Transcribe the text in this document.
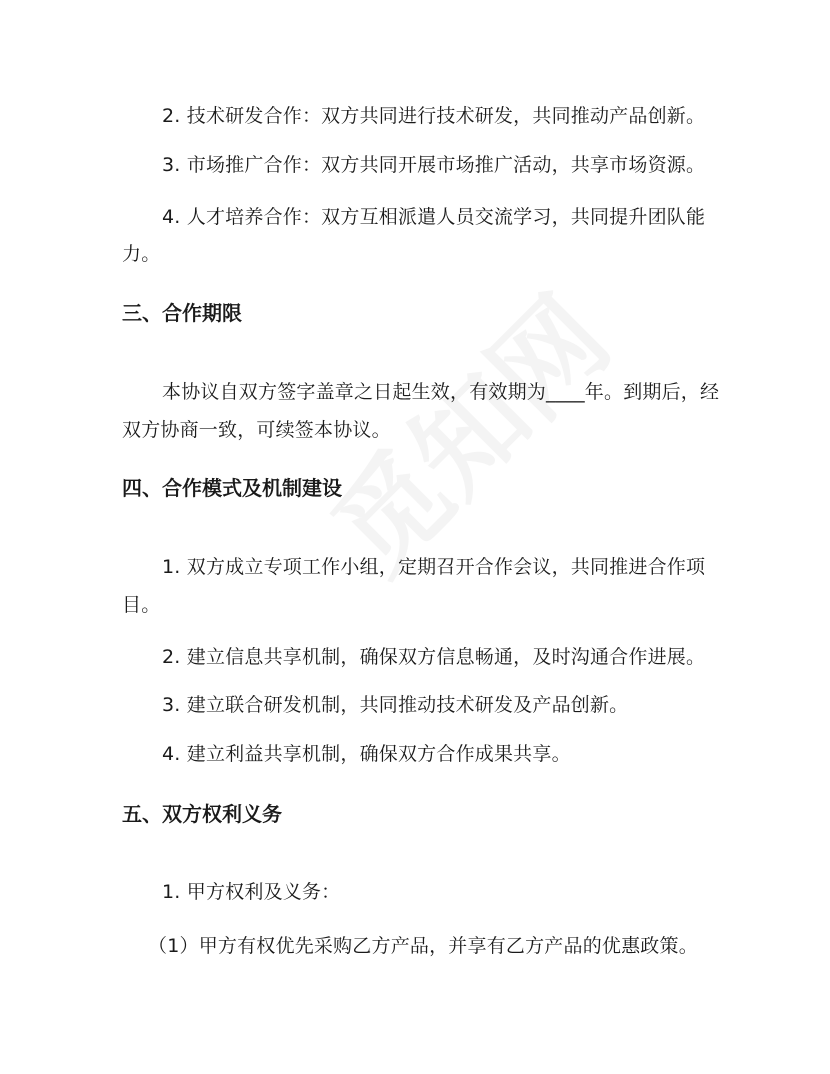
2. 技术研发合作：双方共同进行技术研发，共同推动产品创新。
3. 市场推广合作：双方共同开展市场推广活动，共享市场资源。
4. 人才培养合作：双方互相派遣人员交流学习，共同提升团队能
力。
三、合作期限
本协议自双方签字盖章之日起生效，有效期为____年。到期后，经
双方协商一致，可续签本协议。
四、合作模式及机制建设
1. 双方成立专项工作小组，定期召开合作会议，共同推进合作项
目。
2. 建立信息共享机制，确保双方信息畅通，及时沟通合作进展。
3. 建立联合研发机制，共同推动技术研发及产品创新。
4. 建立利益共享机制，确保双方合作成果共享。
五、双方权利义务
1. 甲方权利及义务：
（1）甲方有权优先采购乙方产品，并享有乙方产品的优惠政策。
